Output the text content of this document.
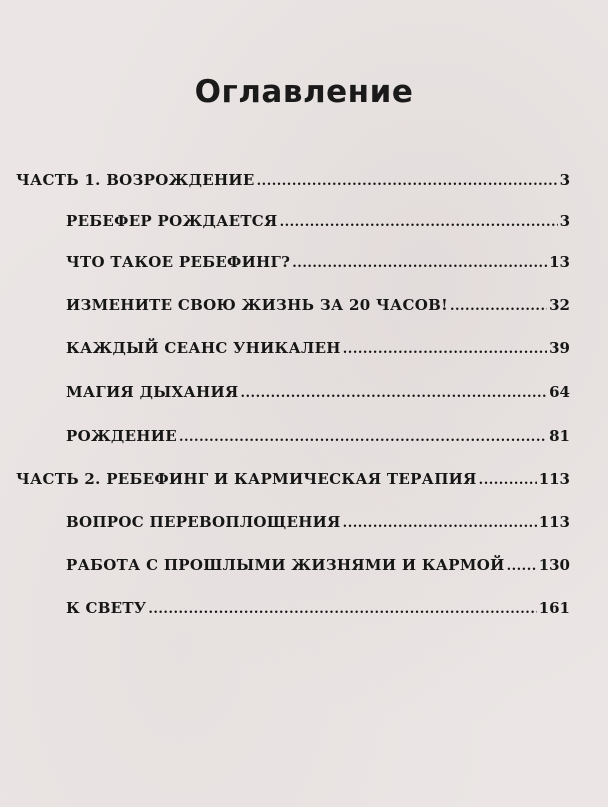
Оглавление
ЧАСТЬ 1. ВОЗРОЖДЕНИЕ .....	3
РЕБЕФЕР РОЖДАЕТСЯ .....	3
ЧТО ТАКОЕ РЕБЕФИНГ? .....	13
ИЗМЕНИТЕ СВОЮ ЖИЗНЬ ЗА 20 ЧАСОВ! .....	32
КАЖДЫЙ СЕАНС УНИКАЛЕН .....	39
МАГИЯ ДЫХАНИЯ .....	64
РОЖДЕНИЕ .....	81
ЧАСТЬ 2. РЕБЕФИНГ И КАРМИЧЕСКАЯ ТЕРАПИЯ .....	113
ВОПРОС ПЕРЕВОПЛОЩЕНИЯ .....	113
РАБОТА С ПРОШЛЫМИ ЖИЗНЯМИ И КАРМОЙ ..... 130
К СВЕТУ .....	161
